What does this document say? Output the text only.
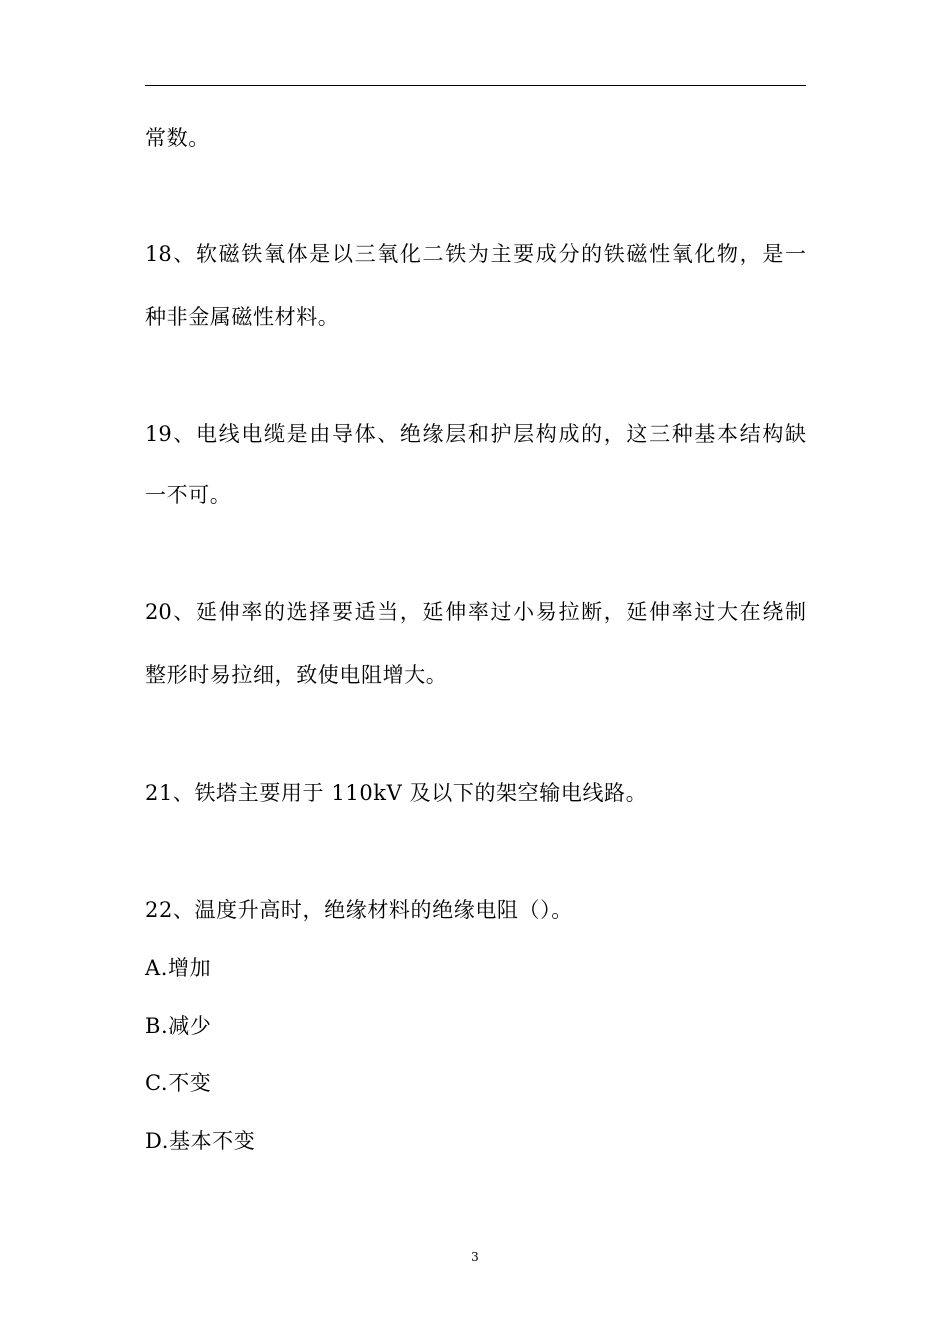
常数。
18、软磁铁氧体是以三氧化二铁为主要成分的铁磁性氧化物，是一
种非金属磁性材料。
19、电线电缆是由导体、绝缘层和护层构成的，这三种基本结构缺
一不可。
20、延伸率的选择要适当，延伸率过小易拉断，延伸率过大在绕制
整形时易拉细，致使电阻增大。
21、铁塔主要用于 110kV 及以下的架空输电线路。
22、温度升高时，绝缘材料的绝缘电阻（）。
A.增加
B.减少
C.不变
D.基本不变
3
